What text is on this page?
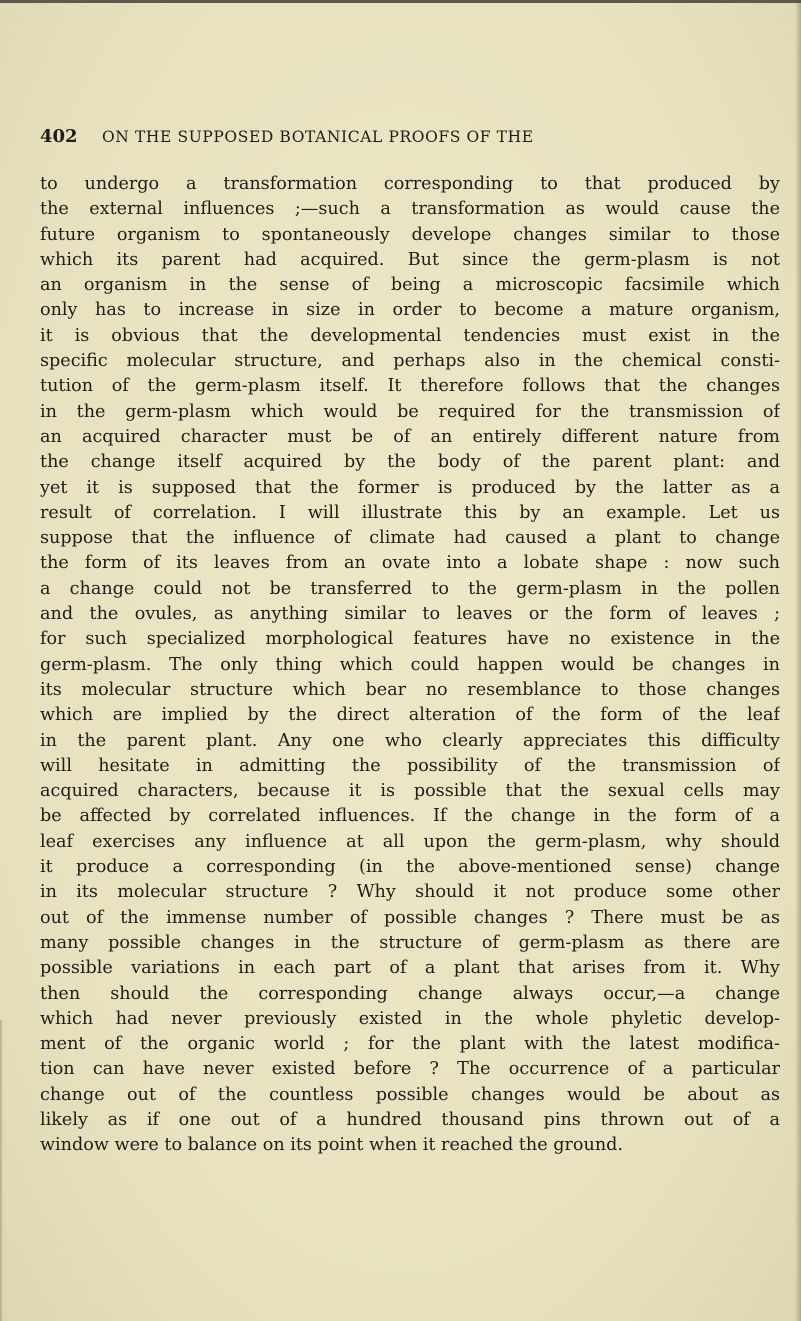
402	ON THE SUPPOSED BOTANICAL PROOFS OF THE
to undergo a transformation corresponding to that produced by
the external influences ;—such a transformation as would cause the
future organism to spontaneously develope changes similar to those
which its parent had acquired. But since the germ-plasm is not
an organism in the sense of being a microscopic facsimile which
only has to increase in size in order to become a mature organism,
it is obvious that the developmental tendencies must exist in the
specific molecular structure, and perhaps also in the chemical consti-
tution of the germ-plasm itself. It therefore follows that the changes
in the germ-plasm which would be required for the transmission of
an acquired character must be of an entirely different nature from
the change itself acquired by the body of the parent plant: and
yet it is supposed that the former is produced by the latter as a
result of correlation. I will illustrate this by an example. Let us
suppose that the influence of climate had caused a plant to change
the form of its leaves from an ovate into a lobate shape : now such
a change could not be transferred to the germ-plasm in the pollen
and the ovules, as anything similar to leaves or the form of leaves ;
for such specialized morphological features have no existence in the
germ-plasm. The only thing which could happen would be changes in
its molecular structure which bear no resemblance to those changes
which are implied by the direct alteration of the form of the leaf
in the parent plant. Any one who clearly appreciates this difficulty
will hesitate in admitting the possibility of the transmission of
acquired characters, because it is possible that the sexual cells may
be affected by correlated influences. If the change in the form of a
leaf exercises any influence at all upon the germ-plasm, why should
it produce a corresponding (in the above-mentioned sense) change
in its molecular structure ? Why should it not produce some other
out of the immense number of possible changes ? There must be as
many possible changes in the structure of germ-plasm as there are
possible variations in each part of a plant that arises from it. Why
then should the corresponding change always occur,—a change
which had never previously existed in the whole phyletic develop-
ment of the organic world ; for the plant with the latest modifica-
tion can have never existed before ? The occurrence of a particular
change out of the countless possible changes would be about as
likely as if one out of a hundred thousand pins thrown out of a
window were to balance on its point when it reached the ground.
